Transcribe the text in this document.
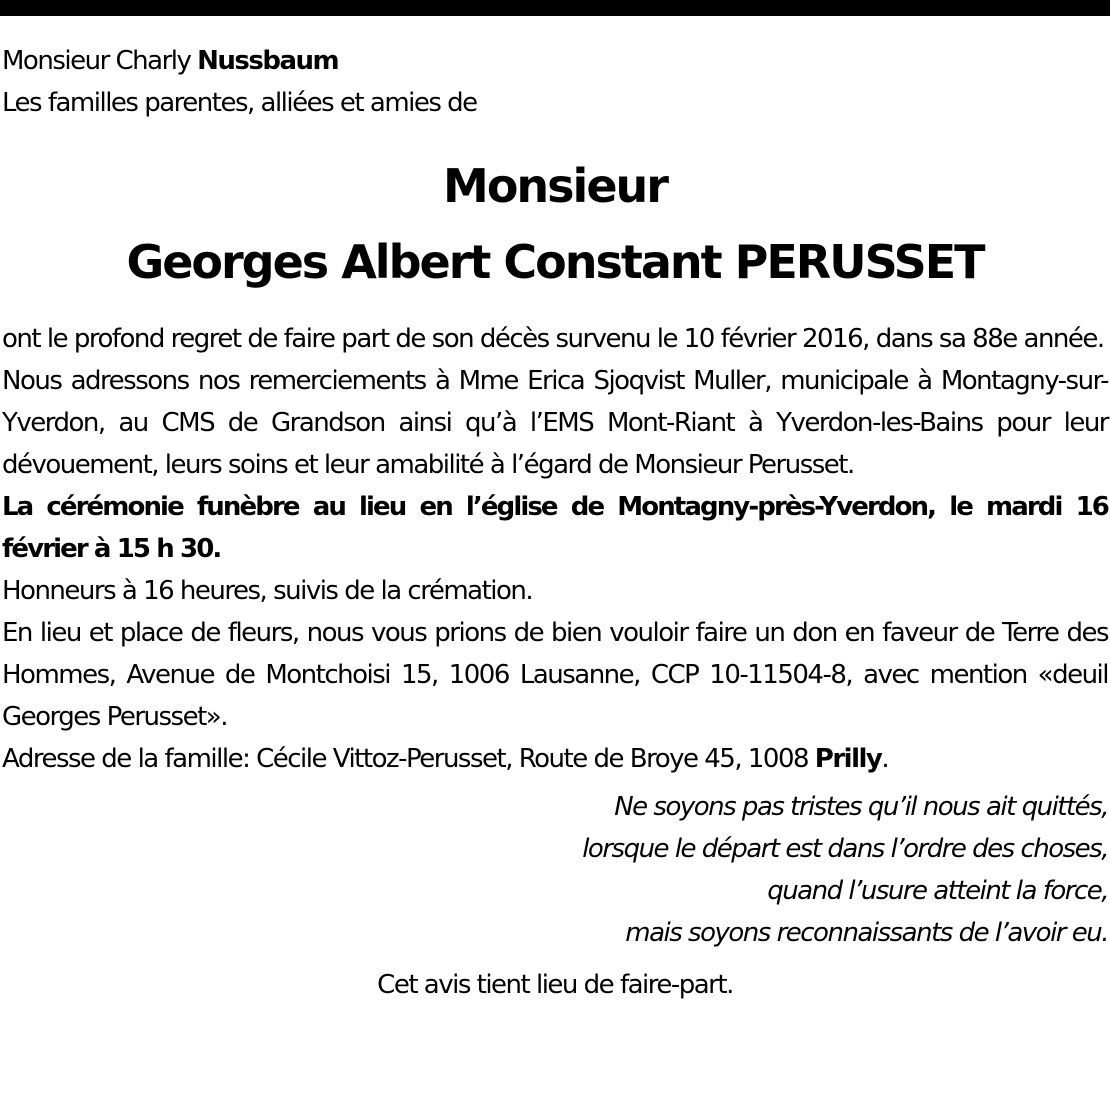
Monsieur Charly Nussbaum
Les familles parentes, alliées et amies de
Monsieur
Georges Albert Constant PERUSSET

ont le profond regret de faire part de son décès survenu le 10 février 2016, dans sa 88e année.

Nous adressons nos remerciements à Mme Erica Sjoqvist Muller, municipale à Montagny-sur-Yverdon, au CMS de Grandson ainsi qu’à l’EMS Mont-Riant à Yverdon-les-Bains pour leur dévouement, leurs soins et leur amabilité à l’égard de Monsieur Perusset.

La cérémonie funèbre au lieu en l’église de Montagny-près-Yverdon, le mardi 16 février à 15 h 30.

Honneurs à 16 heures, suivis de la crémation.

En lieu et place de fleurs, nous vous prions de bien vouloir faire un don en faveur de Terre des Hommes, Avenue de Montchoisi 15, 1006 Lausanne, CCP 10-11504-8, avec mention «deuil Georges Perusset».

Adresse de la famille: Cécile Vittoz-Perusset, Route de Broye 45, 1008 Prilly.

Ne soyons pas tristes qu’il nous ait quittés,
lorsque le départ est dans l’ordre des choses,
quand l’usure atteint la force,
mais soyons reconnaissants de l’avoir eu.
Cet avis tient lieu de faire-part.
